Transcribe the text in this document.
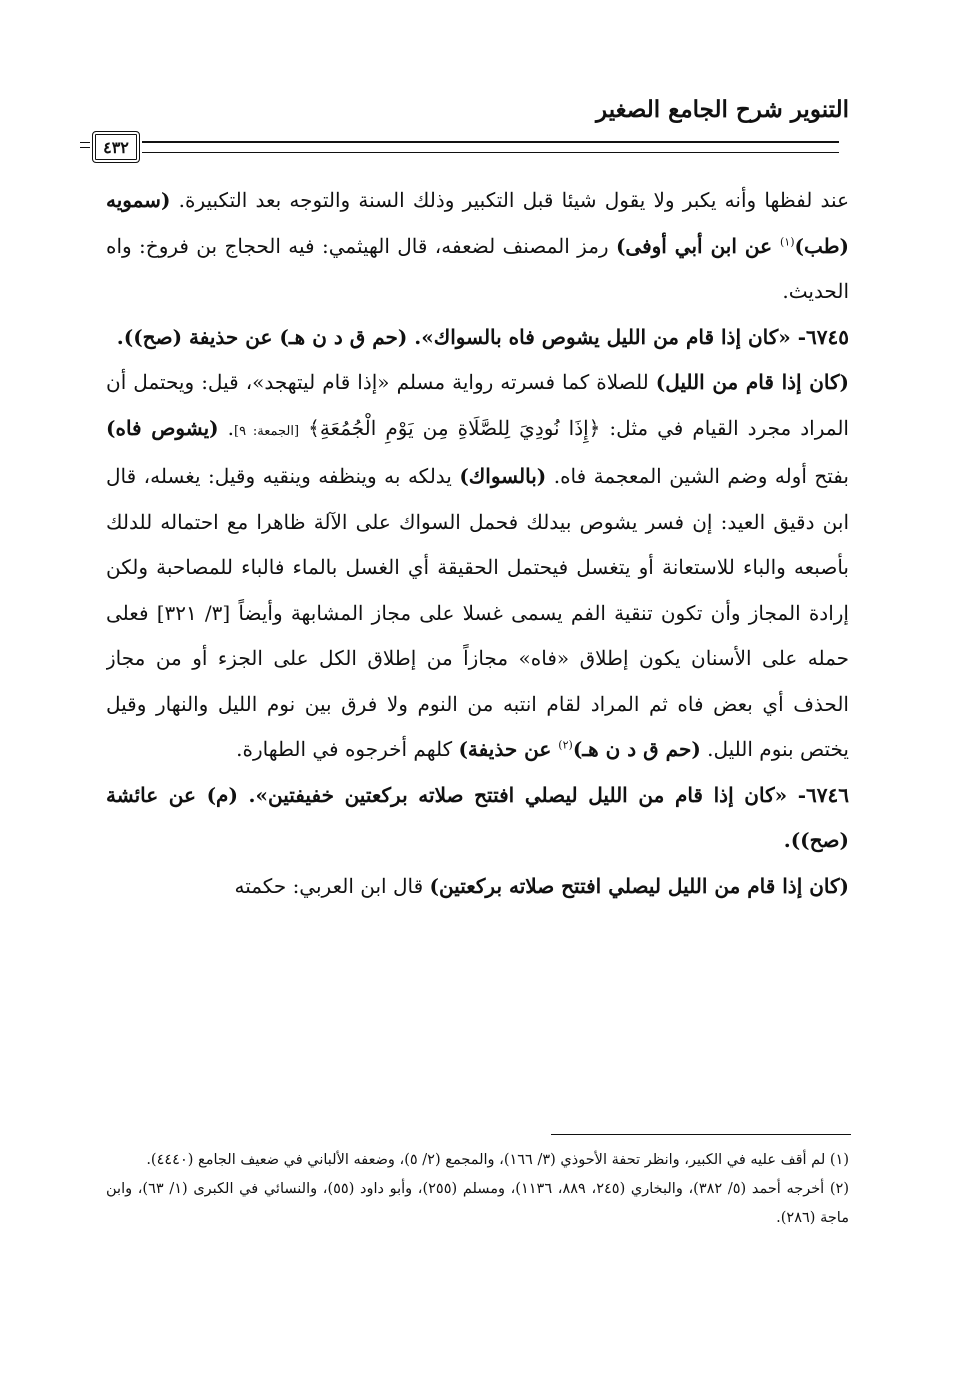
التنوير شرح الجامع الصغير
٤٣٢

عند لفظها وأنه يكبر ولا يقول شيئا قبل التكبير وذلك السنة والتوجه بعد التكبيرة. (سمويه (طب)$^{(١)}$ عن ابن أبي أوفى) رمز المصنف لضعفه، قال الهيثمي: فيه الحجاج بن فروخ: واه الحديث.

٦٧٤٥- «كان إذا قام من الليل يشوص فاه بالسواك». (حم ق د ن هـ) عن حذيفة (صح)).

(كان إذا قام من الليل) للصلاة كما فسرته رواية مسلم «إذا قام ليتهجد»، قيل: ويحتمل أن المراد مجرد القيام في مثل: ﴿إِذَا نُودِيَ لِلصَّلَاةِ مِن يَوْمِ الْجُمُعَةِ﴾ [الجمعة: ٩]. (يشوص فاه) بفتح أوله وضم الشين المعجمة فاه. (بالسواك) يدلكه به وينظفه وينقيه وقيل: يغسله، قال ابن دقيق العيد: إن فسر يشوص بيدلك فحمل السواك على الآلة ظاهرا مع احتماله للدلك بأصبعه والباء للاستعانة أو يتغسل فيحتمل الحقيقة أي الغسل بالماء فالباء للمصاحبة ولكن إرادة المجاز وأن تكون تنقية الفم يسمى غسلا على مجاز المشابهة وأيضاً [٣/ ٣٢١] فعلى حمله على الأسنان يكون إطلاق «فاه» مجازاً من إطلاق الكل على الجزء أو من مجاز الحذف أي بعض فاه ثم المراد لقام انتبه من النوم ولا فرق بين نوم الليل والنهار وقيل يختص بنوم الليل. (حم ق د ن هـ)$^{(٢)}$ عن حذيفة) كلهم أخرجوه في الطهارة.

٦٧٤٦- «كان إذا قام من الليل ليصلي افتتح صلاته بركعتين خفيفتين». (م) عن عائشة (صح)).

(كان إذا قام من الليل ليصلي افتتح صلاته بركعتين) قال ابن العربي: حكمته

(١) لم أقف عليه في الكبير، وانظر تحفة الأحوذي (٣/ ١٦٦)، والمجمع (٢/ ٥)، وضعفه الألباني في ضعيف الجامع (٤٤٤٠).

(٢) أخرجه أحمد (٥/ ٣٨٢)، والبخاري (٢٤٥، ٨٨٩، ١١٣٦)، ومسلم (٢٥٥)، وأبو داود (٥٥)، والنسائي في الكبرى (١/ ٦٣)، وابن ماجة (٢٨٦).
